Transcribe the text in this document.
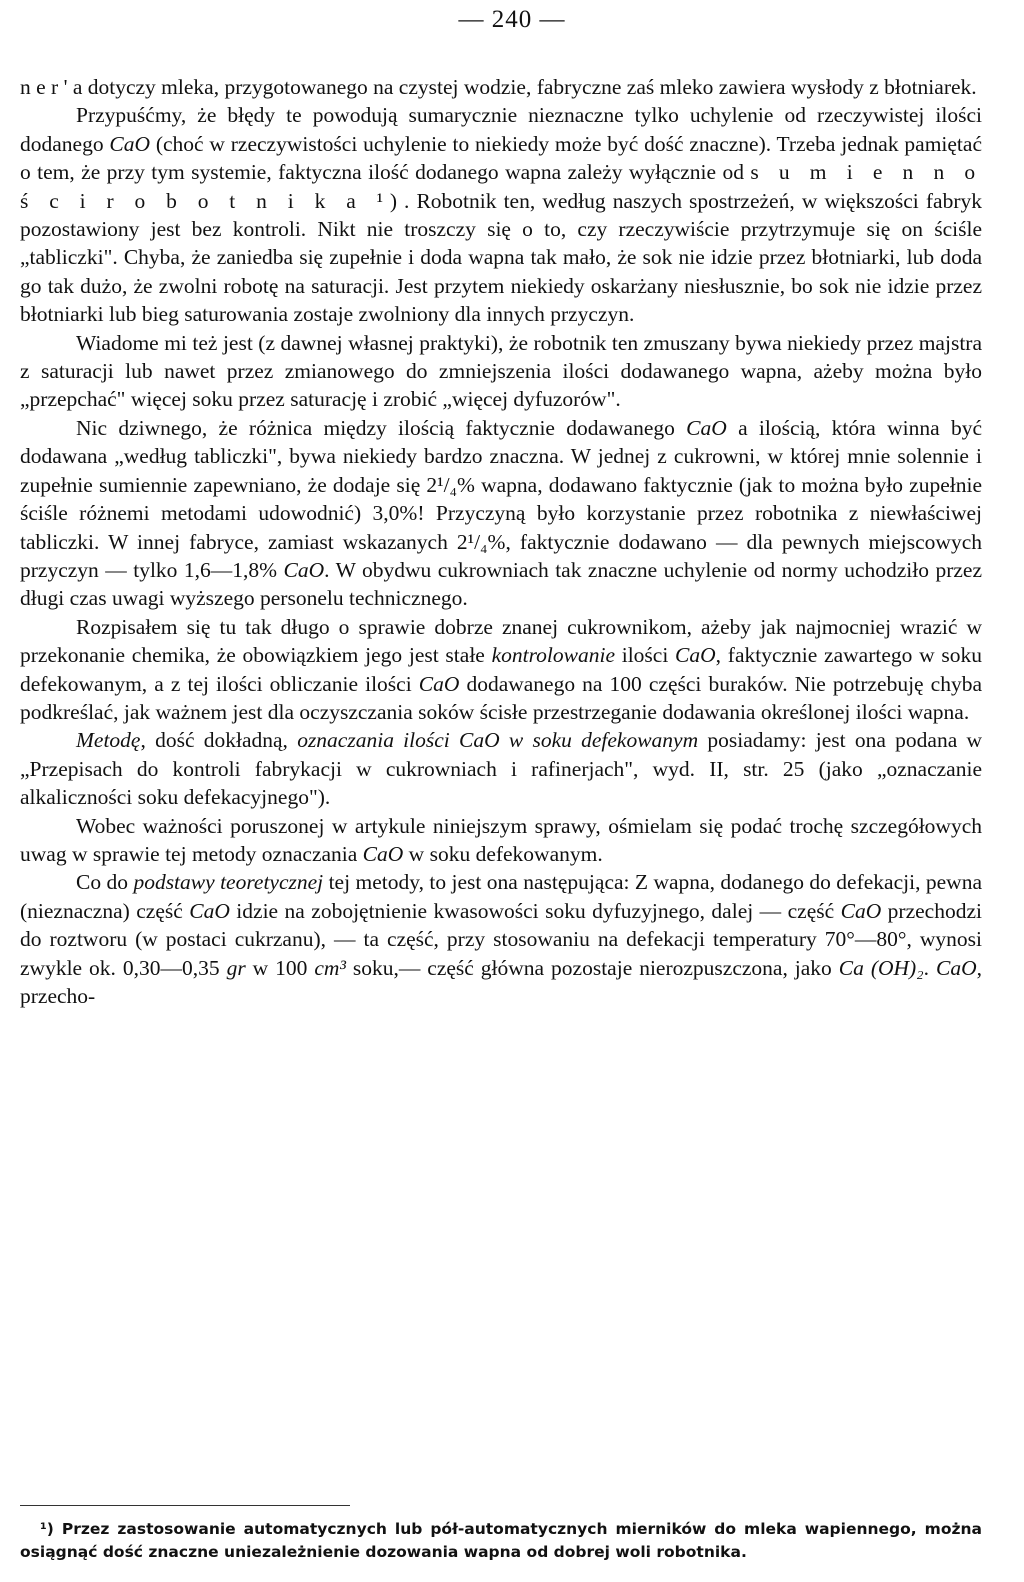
— 240 —

n e r ' a dotyczy mleka, przygotowanego na czystej wodzie, fabryczne zaś mleko zawiera wysłody z błotniarek.

Przypuśćmy, że błędy te powodują sumarycznie nieznaczne tylko uchylenie od rzeczywistej ilości dodanego CaO (choć w rzeczywistości uchylenie to niekiedy może być dość znaczne). Trzeba jednak pamiętać o tem, że przy tym systemie, faktyczna ilość dodanego wapna zależy wyłącznie od s u m i e n n o ś c i r o b o t n i k a ¹). Robotnik ten, według naszych spostrzeżeń, w większości fabryk pozostawiony jest bez kontroli. Nikt nie troszczy się o to, czy rzeczywiście przytrzymuje się on ściśle „tabliczki". Chyba, że zaniedba się zupełnie i doda wapna tak mało, że sok nie idzie przez błotniarki, lub doda go tak dużo, że zwolni robotę na saturacji. Jest przytem niekiedy oskarżany niesłusznie, bo sok nie idzie przez błotniarki lub bieg saturowania zostaje zwolniony dla innych przyczyn.

Wiadome mi też jest (z dawnej własnej praktyki), że robotnik ten zmuszany bywa niekiedy przez majstra z saturacji lub nawet przez zmianowego do zmniejszenia ilości dodawanego wapna, ażeby można było „przepchać" więcej soku przez saturację i zrobić „więcej dyfuzorów".

Nic dziwnego, że różnica między ilością faktycznie dodawanego CaO a ilością, która winna być dodawana „według tabliczki", bywa niekiedy bardzo znaczna. W jednej z cukrowni, w której mnie solennie i zupełnie sumiennie zapewniano, że dodaje się 2¹/₄% wapna, dodawano faktycznie (jak to można było zupełnie ściśle różnemi metodami udowodnić) 3,0%! Przyczyną było korzystanie przez robotnika z niewłaściwej tabliczki. W innej fabryce, zamiast wskazanych 2¹/₄%, faktycznie dodawano — dla pewnych miejscowych przyczyn — tylko 1,6—1,8% CaO. W obydwu cukrowniach tak znaczne uchylenie od normy uchodziło przez długi czas uwagi wyższego personelu technicznego.

Rozpisałem się tu tak długo o sprawie dobrze znanej cukrownikom, ażeby jak najmocniej wrazić w przekonanie chemika, że obowiązkiem jego jest stałe kontrolowanie ilości CaO, faktycznie zawartego w soku defekowanym, a z tej ilości obliczanie ilości CaO dodawanego na 100 części buraków. Nie potrzebuję chyba podkreślać, jak ważnem jest dla oczyszczania soków ścisłe przestrzeganie dodawania określonej ilości wapna.

Metodę, dość dokładną, oznaczania ilości CaO w soku defekowanym posiadamy: jest ona podana w „Przepisach do kontroli fabrykacji w cukrowniach i rafinerjach", wyd. II, str. 25 (jako „oznaczanie alkaliczności soku defekacyjnego").

Wobec ważności poruszonej w artykule niniejszym sprawy, ośmielam się podać trochę szczegółowych uwag w sprawie tej metody oznaczania CaO w soku defekowanym.

Co do podstawy teoretycznej tej metody, to jest ona następująca: Z wapna, dodanego do defekacji, pewna (nieznaczna) część CaO idzie na zobojętnienie kwasowości soku dyfuzyjnego, dalej — część CaO przechodzi do roztworu (w postaci cukrzanu), — ta część, przy stosowaniu na defekacji temperatury 70°—80°, wynosi zwykle ok. 0,30—0,35 gr w 100 cm³ soku,— część główna pozostaje nierozpuszczona, jako Ca (OH)₂. CaO, przecho-

¹) Przez zastosowanie automatycznych lub pół-automatycznych mierników do mleka wapiennego, można osiągnąć dość znaczne uniezależnienie dozowania wapna od dobrej woli robotnika.
